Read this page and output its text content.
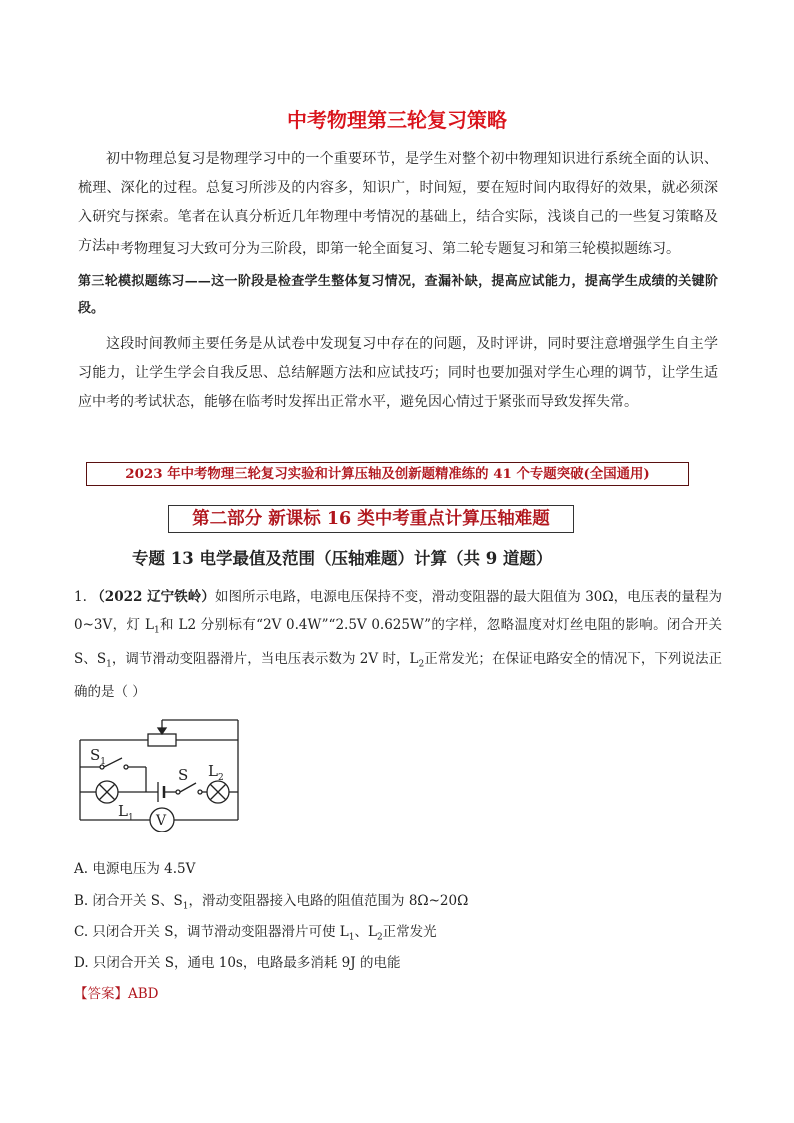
中考物理第三轮复习策略

初中物理总复习是物理学习中的一个重要环节，是学生对整个初中物理知识进行系统全面的认识、梳理、深化的过程。总复习所涉及的内容多，知识广，时间短，要在短时间内取得好的效果，就必须深入研究与探索。笔者在认真分析近几年物理中考情况的基础上，结合实际，浅谈自己的一些复习策略及方法。

中考物理复习大致可分为三阶段，即第一轮全面复习、第二轮专题复习和第三轮模拟题练习。

第三轮模拟题练习——这一阶段是检查学生整体复习情况，查漏补缺，提高应试能力，提高学生成绩的关键阶段。

这段时间教师主要任务是从试卷中发现复习中存在的问题，及时评讲，同时要注意增强学生自主学习能力，让学生学会自我反思、总结解题方法和应试技巧；同时也要加强对学生心理的调节，让学生适应中考的考试状态，能够在临考时发挥出正常水平，避免因心情过于紧张而导致发挥失常。

2023 年中考物理三轮复习实验和计算压轴及创新题精准练的 41 个专题突破(全国通用)
第二部分 新课标 16 类中考重点计算压轴难题

专题 13 电学最值及范围（压轴难题）计算（共 9 道题）

1. （2022 辽宁铁岭）如图所示电路，电源电压保持不变，滑动变阻器的最大阻值为 30Ω，电压表的量程为 0~3V，灯 $L_1$和 L2 分别标有“2V 0.4W”“2.5V 0.625W”的字样，忽略温度对灯丝电阻的影响。闭合开关 S、$S_1$，调节滑动变阻器滑片，当电压表示数为 2V 时，$L_2$正常发光；在保证电路安全的情况下，下列说法正确的是（ ）

$S_1$
S $L_2$
$L_1$ V

A. 电源电压为 4.5V

B. 闭合开关 S、$S_1$，滑动变阻器接入电路的阻值范围为 8Ω~20Ω

C. 只闭合开关 S，调节滑动变阻器滑片可使 $L_1$、$L_2$正常发光

D. 只闭合开关 S，通电 10s，电路最多消耗 9J 的电能

【答案】ABD
